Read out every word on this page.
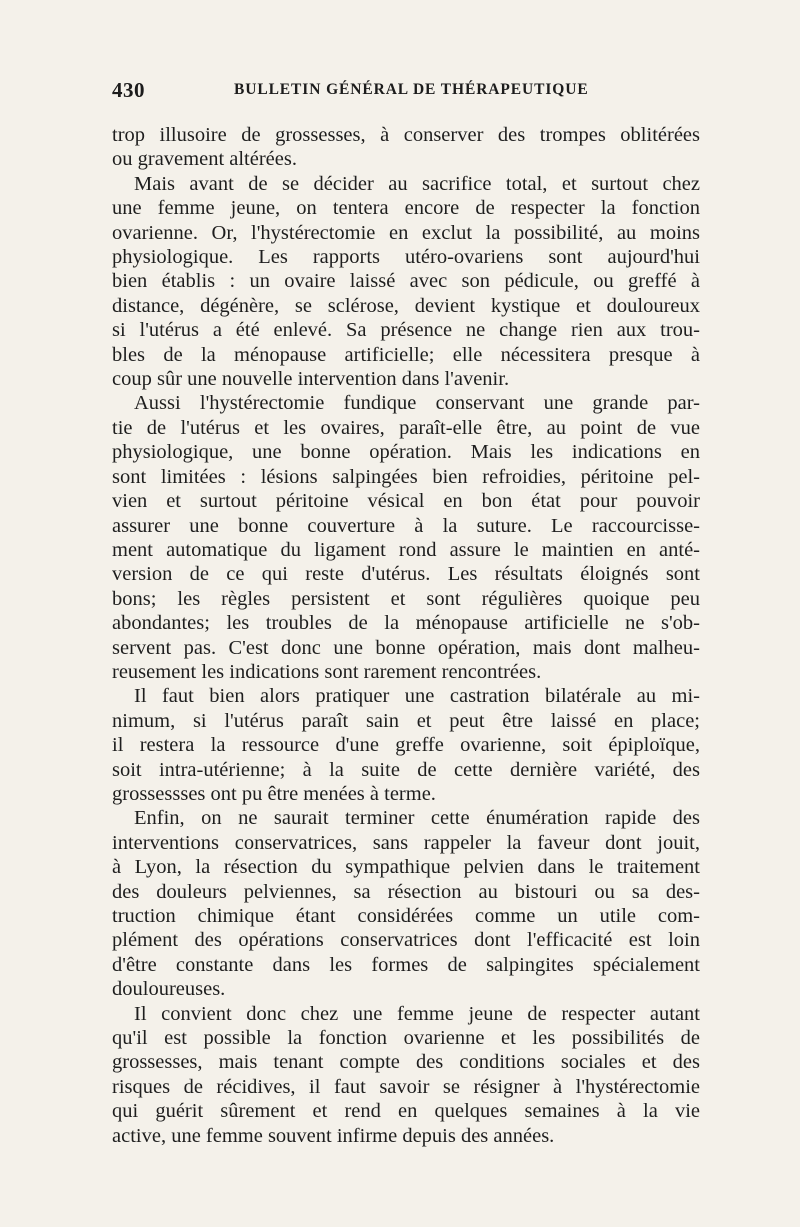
430	BULLETIN GÉNÉRAL DE THÉRAPEUTIQUE
trop illusoire de grossesses, à conserver des trompes oblitérées
ou gravement altérées.
Mais avant de se décider au sacrifice total, et surtout chez
une femme jeune, on tentera encore de respecter la fonction
ovarienne. Or, l'hystérectomie en exclut la possibilité, au moins
physiologique. Les rapports utéro-ovariens sont aujourd'hui
bien établis : un ovaire laissé avec son pédicule, ou greffé à
distance, dégénère, se sclérose, devient kystique et douloureux
si l'utérus a été enlevé. Sa présence ne change rien aux trou-
bles de la ménopause artificielle; elle nécessitera presque à
coup sûr une nouvelle intervention dans l'avenir.
Aussi l'hystérectomie fundique conservant une grande par-
tie de l'utérus et les ovaires, paraît-elle être, au point de vue
physiologique, une bonne opération. Mais les indications en
sont limitées : lésions salpingées bien refroidies, péritoine pel-
vien et surtout péritoine vésical en bon état pour pouvoir
assurer une bonne couverture à la suture. Le raccourcisse-
ment automatique du ligament rond assure le maintien en anté-
version de ce qui reste d'utérus. Les résultats éloignés sont
bons; les règles persistent et sont régulières quoique peu
abondantes; les troubles de la ménopause artificielle ne s'ob-
servent pas. C'est donc une bonne opération, mais dont malheu-
reusement les indications sont rarement rencontrées.
Il faut bien alors pratiquer une castration bilatérale au mi-
nimum, si l'utérus paraît sain et peut être laissé en place;
il restera la ressource d'une greffe ovarienne, soit épiploïque,
soit intra-utérienne; à la suite de cette dernière variété, des
grossessses ont pu être menées à terme.
Enfin, on ne saurait terminer cette énumération rapide des
interventions conservatrices, sans rappeler la faveur dont jouit,
à Lyon, la résection du sympathique pelvien dans le traitement
des douleurs pelviennes, sa résection au bistouri ou sa des-
truction chimique étant considérées comme un utile com-
plément des opérations conservatrices dont l'efficacité est loin
d'être constante dans les formes de salpingites spécialement
douloureuses.
Il convient donc chez une femme jeune de respecter autant
qu'il est possible la fonction ovarienne et les possibilités de
grossesses, mais tenant compte des conditions sociales et des
risques de récidives, il faut savoir se résigner à l'hystérectomie
qui guérit sûrement et rend en quelques semaines à la vie
active, une femme souvent infirme depuis des années.
